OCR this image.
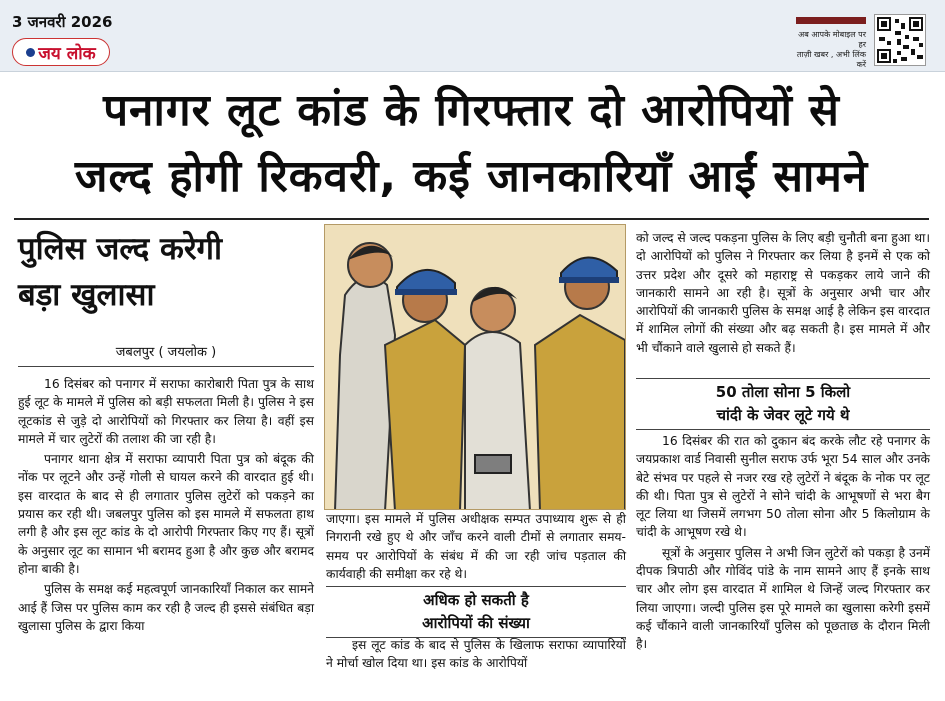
3 जनवरी 2026
जय लोक

अब आपके मोबाइल पर हर
ताज़ी खबर , अभी लिंक करें
पनागर लूट कांड के गिरफ्तार दो आरोपियों से
जल्द होगी रिकवरी, कई जानकारियाँ आईं सामने
पुलिस जल्द करेगी
बड़ा खुलासा
जबलपुर ( जयलोक )

16 दिसंबर को पनागर में सराफा कारोबारी पिता पुत्र के साथ हुई लूट के मामले में पुलिस को बड़ी सफलता मिली है। पुलिस ने इस लूटकांड से जुड़े दो आरोपियों को गिरफ्तार कर लिया है। वहीं इस मामले में चार लुटेरों की तलाश की जा रही है।

पनागर थाना क्षेत्र में सराफा व्यापारी पिता पुत्र को बंदूक की नोंक पर लूटने और उन्हें गोली से घायल करने की वारदात हुई थी। इस वारदात के बाद से ही लगातार पुलिस लुटेरों को पकड़ने का प्रयास कर रही थी। जबलपुर पुलिस को इस मामले में सफलता हाथ लगी है और इस लूट कांड के दो आरोपी गिरफ्तार किए गए हैं। सूत्रों के अनुसार लूट का सामान भी बरामद हुआ है और कुछ और बरामद होना बाकी है।

पुलिस के समक्ष कई महत्वपूर्ण जानकारियाँ निकाल कर सामने आई हैं जिस पर पुलिस काम कर रही है जल्द ही इससे संबंधित बड़ा खुलासा पुलिस के द्वारा किया

जाएगा। इस मामले में पुलिस अधीक्षक सम्पत उपाध्याय शुरू से ही निगरानी रखे हुए थे और जाँच करने वाली टीमों से लगातार समय-समय पर आरोपियों के संबंध में की जा रही जांच पड़ताल की कार्यवाही की समीक्षा कर रहे थे।
अधिक हो सकती है
आरोपियों की संख्या

इस लूट कांड के बाद से पुलिस के खिलाफ सराफा व्यापारियों ने मोर्चा खोल दिया था। इस कांड के आरोपियों

को जल्द से जल्द पकड़ना पुलिस के लिए बड़ी चुनौती बना हुआ था। दो आरोपियों को पुलिस ने गिरफ्तार कर लिया है इनमें से एक को उत्तर प्रदेश और दूसरे को महाराष्ट्र से पकड़कर लाये जाने की जानकारी सामने आ रही है। सूत्रों के अनुसार अभी चार और आरोपियों की जानकारी पुलिस के समक्ष आई है लेकिन इस वारदात में शामिल लोगों की संख्या और बढ़ सकती है। इस मामले में और भी चौंकाने वाले खुलासे हो सकते हैं।
50 तोला सोना 5 किलो
चांदी के जेवर लूटे गये थे

16 दिसंबर की रात को दुकान बंद करके लौट रहे पनागर के जयप्रकाश वार्ड निवासी सुनील सराफ उर्फ भूरा 54 साल और उनके बेटे संभव पर पहले से नजर रख रहे लुटेरों ने बंदूक के नोक पर लूट की थी। पिता पुत्र से लुटेरों ने सोने चांदी के आभूषणों से भरा बैग लूट लिया था जिसमें लगभग 50 तोला सोना और 5 किलोग्राम के चांदी के आभूषण रखे थे।

सूत्रों के अनुसार पुलिस ने अभी जिन लुटेरों को पकड़ा है उनमें दीपक त्रिपाठी और गोविंद पांडे के नाम सामने आए हैं इनके साथ चार और लोग इस वारदात में शामिल थे जिन्हें जल्द गिरफ्तार कर लिया जाएगा। जल्दी पुलिस इस पूरे मामले का खुलासा करेगी इसमें कई चौंकाने वाली जानकारियाँ पुलिस को पूछताछ के दौरान मिली है।
